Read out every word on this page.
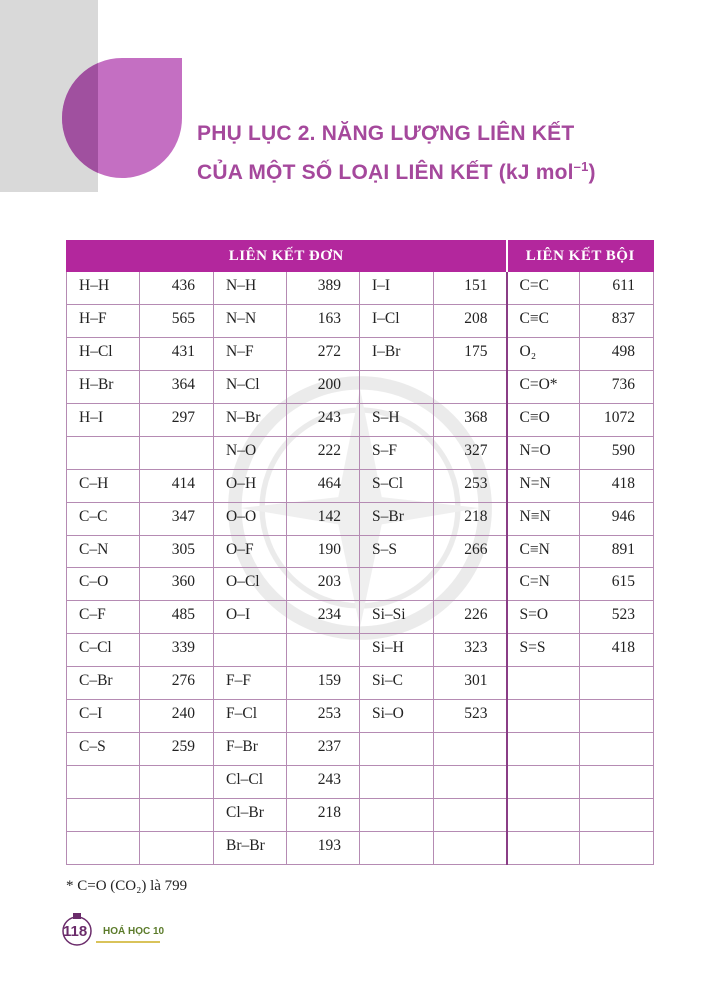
PHỤ LỤC 2. NĂNG LƯỢNG LIÊN KẾT
CỦA MỘT SỐ LOẠI LIÊN KẾT (kJ mol$^{-1}$)
LIÊN KẾT ĐƠN						LIÊN KẾT BỘI	
H–H	436	N–H	389	I–I	151	C=C	611
H–F	565	N–N	163	I–Cl	208	C≡C	837
H–Cl	431	N–F	272	I–Br	175	O₂	498
H–Br	364	N–Cl	200			C=O*	736
H–I	297	N–Br	243	S–H	368	C≡O	1072
		N–O	222	S–F	327	N=O	590
C–H	414	O–H	464	S–Cl	253	N=N	418
C–C	347	O–O	142	S–Br	218	N≡N	946
C–N	305	O–F	190	S–S	266	C≡N	891
C–O	360	O–Cl	203			C=N	615
C–F	485	O–I	234	Si–Si	226	S=O	523
C–Cl	339			Si–H	323	S=S	418
C–Br	276	F–F	159	Si–C	301		
C–I	240	F–Cl	253	Si–O	523		
C–S	259	F–Br	237				
		Cl–Cl	243				
		Cl–Br	218				
		Br–Br	193				
* C=O (CO₂) là 799
118 HOÁ HỌC 10
